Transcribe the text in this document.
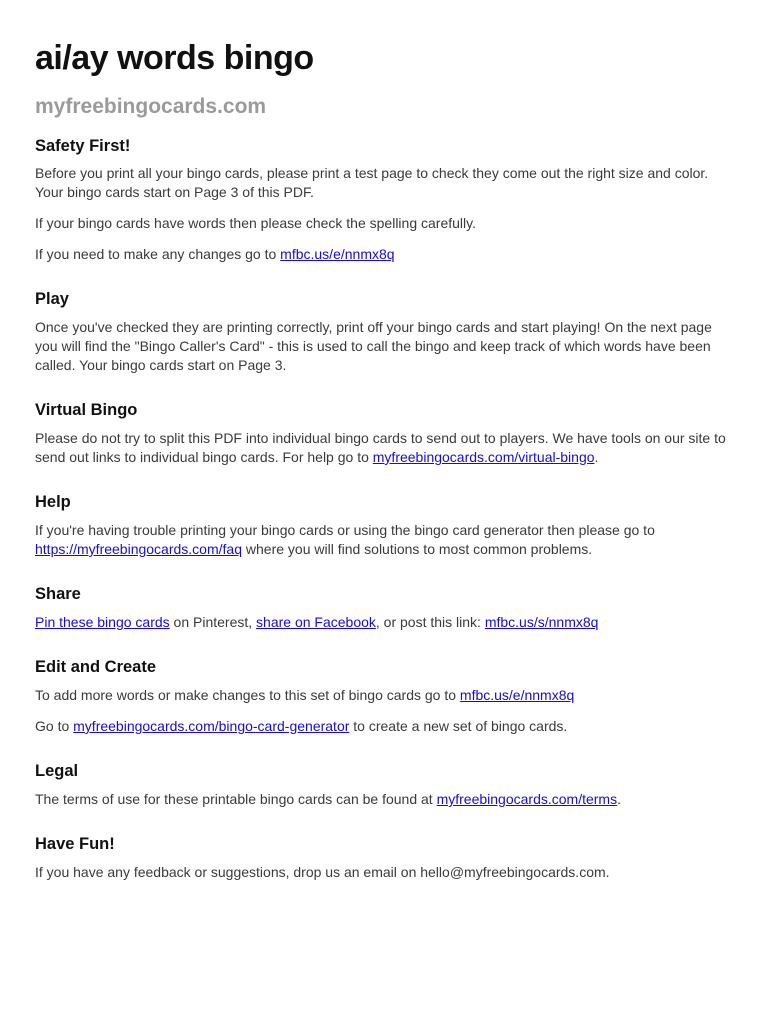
ai/ay words bingo
myfreebingocards.com
Safety First!

Before you print all your bingo cards, please print a test page to check they come out the right size and color. Your bingo cards start on Page 3 of this PDF.

If your bingo cards have words then please check the spelling carefully.

If you need to make any changes go to mfbc.us/e/nnmx8q

Play

Once you've checked they are printing correctly, print off your bingo cards and start playing! On the next page you will find the "Bingo Caller's Card" - this is used to call the bingo and keep track of which words have been called. Your bingo cards start on Page 3.

Virtual Bingo

Please do not try to split this PDF into individual bingo cards to send out to players. We have tools on our site to send out links to individual bingo cards. For help go to myfreebingocards.com/virtual-bingo.

Help

If you're having trouble printing your bingo cards or using the bingo card generator then please go to https://myfreebingocards.com/faq where you will find solutions to most common problems.

Share

Pin these bingo cards on Pinterest, share on Facebook, or post this link: mfbc.us/s/nnmx8q

Edit and Create

To add more words or make changes to this set of bingo cards go to mfbc.us/e/nnmx8q

Go to myfreebingocards.com/bingo-card-generator to create a new set of bingo cards.

Legal

The terms of use for these printable bingo cards can be found at myfreebingocards.com/terms.

Have Fun!

If you have any feedback or suggestions, drop us an email on hello@myfreebingocards.com.
